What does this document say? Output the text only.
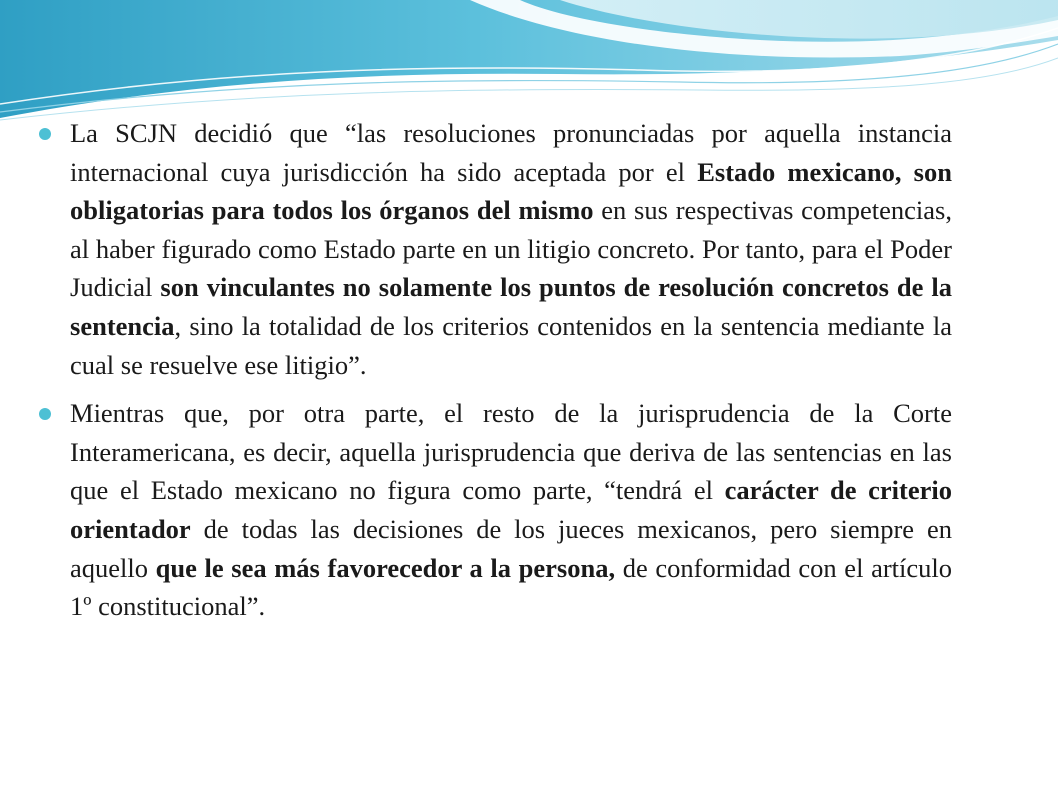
La SCJN decidió que “las resoluciones pronunciadas por aquella instancia internacional cuya jurisdicción ha sido aceptada por el Estado mexicano, son obligatorias para todos los órganos del mismo en sus respectivas competencias, al haber figurado como Estado parte en un litigio concreto. Por tanto, para el Poder Judicial son vinculantes no solamente los puntos de resolución concretos de la sentencia, sino la totalidad de los criterios contenidos en la sentencia mediante la cual se resuelve ese litigio”.
Mientras que, por otra parte, el resto de la jurisprudencia de la Corte Interamericana, es decir, aquella jurisprudencia que deriva de las sentencias en las que el Estado mexicano no figura como parte, “tendrá el carácter de criterio orientador de todas las decisiones de los jueces mexicanos, pero siempre en aquello que le sea más favorecedor a la persona, de conformidad con el artículo 1º constitucional”.
